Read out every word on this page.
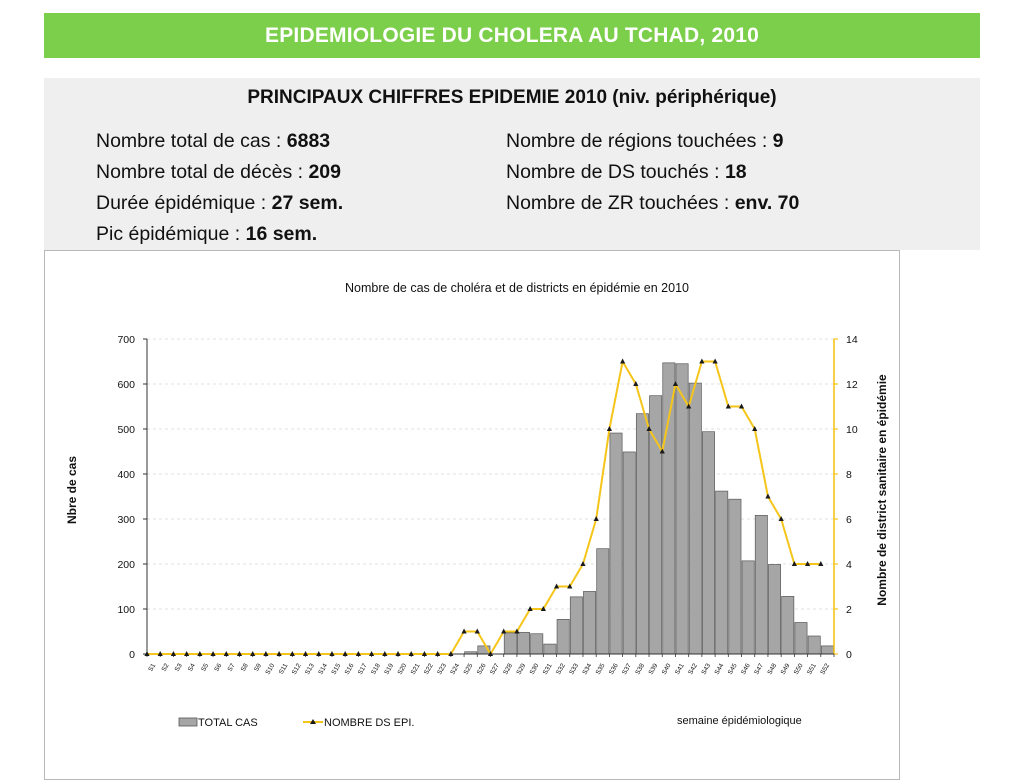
EPIDEMIOLOGIE DU CHOLERA AU TCHAD, 2010
PRINCIPAUX CHIFFRES EPIDEMIE 2010 (niv. périphérique)
Nombre total de cas : 6883
Nombre total de décès : 209
Durée épidémique : 27 sem.
Pic épidémique : 16 sem.
Nombre de régions touchées : 9
Nombre de DS touchés : 18
Nombre de ZR touchées : env. 70
Nombre de cas de choléra et de districts en épidémie en 2010
0
100
200
300
400
500
600
700
0
2
4
6
8
10
12
14
S1 S2 S3 S4 S5 S6 S7 S8 S9 S10 S11 S12 S13 S14 S15 S16 S17 S18 S19 S20 S21 S22 S23 S24 S25 S26 S27 S28 S29 S30 S31 S32 S33 S34 S35 S36 S37 S38 S39 S40 S41 S42 S43 S44 S45 S46 S47 S48 S49 S50 S51 S52
Nbre de cas	Nombre de district sanitaire en épidémie
TOTAL CAS	NOMBRE DS EPI.	semaine épidémiologique
